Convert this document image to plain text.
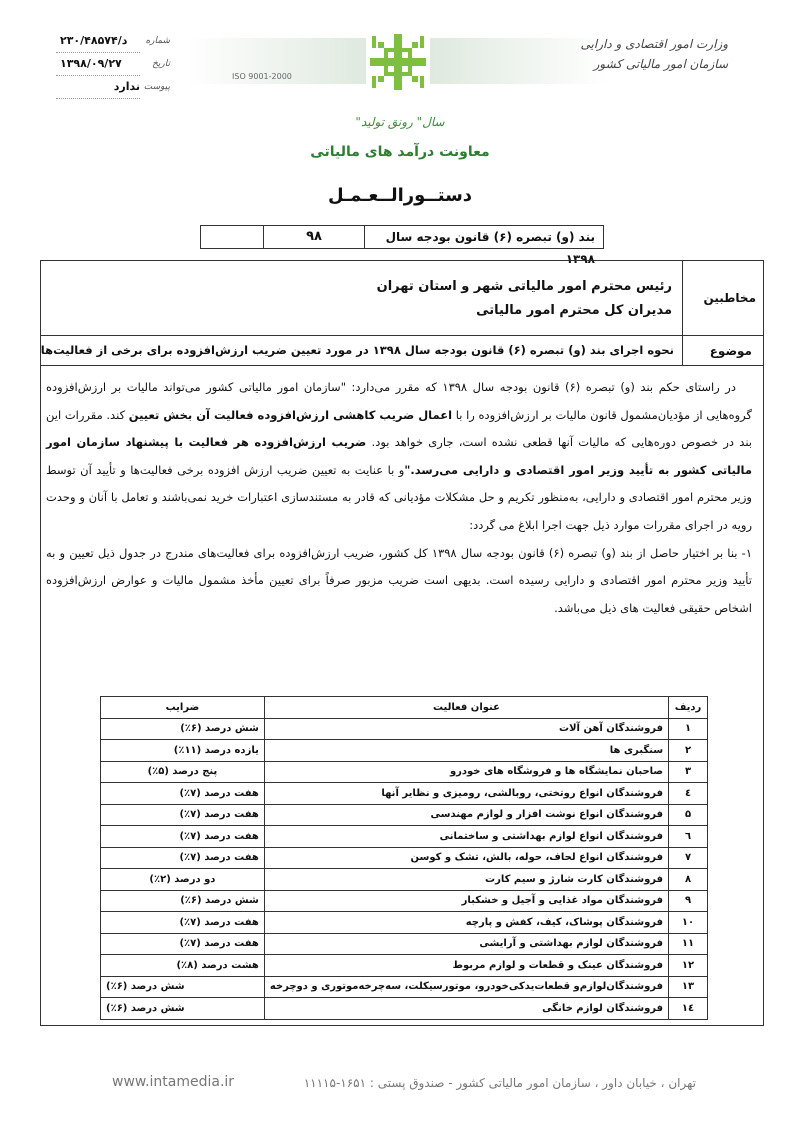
ISO 9001-2000
وزارت امور اقتصادی و دارایی
سازمان امور مالیاتی کشور
شماره
د/۲۳۰/۴۸۵۷۴
تاریخ
۱۳۹۸/۰۹/۲۷
پیوست
ندارد
سال" رونق تولید"
معاونت درآمد های مالیاتی
دستــورالــعـمـل
بند (و) تبصره (۶) قانون بودجه سال ۱۳۹۸
۹۸
مخاطبین
رئیس محترم امور مالیاتی شهر و استان تهران
مدیران کل محترم امور مالیاتی
موضوع
نحوه اجرای بند (و) تبصره (۶) قانون بودجه سال ۱۳۹۸ در مورد تعیین ضریب ارزش‌افزوده برای برخی از فعالیت‌ها

در راستای حکم بند (و) تبصره (۶) قانون بودجه سال ۱۳۹۸ که مقرر می‌دارد: "سازمان امور مالیاتی کشور می‌تواند مالیات بر ارزش‌افزوده گروه‌هایی از مؤدیان‌مشمول قانون مالیات بر ارزش‌افزوده را با اعمال ضریب کاهشی ارزش‌افزوده فعالیت آن بخش تعیین کند. مقررات این بند در خصوص دوره‌هایی که مالیات آنها قطعی نشده است، جاری خواهد بود. ضریب ارزش‌افزوده هر فعالیت با پیشنهاد سازمان امور مالیاتی کشور به تأیید وزیر امور اقتصادی و دارایی می‌رسد."و با عنایت به تعیین ضریب ارزش افزوده برخی فعالیت‌ها و تأیید آن توسط وزیر محترم امور اقتصادی و دارایی، به‌منظور تکریم و حل مشکلات مؤدیانی که قادر به مستندسازی اعتبارات خرید نمی‌باشند و تعامل با آنان و وحدت رویه در اجرای مقررات موارد ذیل جهت اجرا ابلاغ می گردد:

۱- بنا بر اختیار حاصل از بند (و) تبصره (۶) قانون بودجه سال ۱۳۹۸ کل کشور، ضریب ارزش‌افزوده برای فعالیت‌های مندرج در جدول ذیل تعیین و به تأیید وزیر محترم امور اقتصادی و دارایی رسیده است. بدیهی است ضریب مزبور صرفاً برای تعیین مأخذ مشمول مالیات و عوارض ارزش‌افزوده اشخاص حقیقی فعالیت های ذیل می‌باشد.

ردیف	عنوان فعالیت	ضرایب
۱	فروشندگان آهن آلات	شش درصد (۶٪)
۲	سنگبری ها	یازده درصد (۱۱٪)
۳	صاحبان نمایشگاه ها و فروشگاه های خودرو	پنج درصد (۵٪)
٤	فروشندگان انواع روتختی، روبالشی، رومیزی و نظایر آنها	هفت درصد (۷٪)
۵	فروشندگان انواع نوشت افزار و لوازم مهندسی	هفت درصد (۷٪)
٦	فروشندگان انواع لوازم بهداشتی و ساختمانی	هفت درصد (۷٪)
۷	فروشندگان انواع لحاف، حوله، بالش، تشک و کوسن	هفت درصد (۷٪)
۸	فروشندگان کارت شارژ و سیم کارت	دو درصد (۲٪)
۹	فروشندگان مواد غذایی و آجیل و خشکبار	شش درصد (۶٪)
۱۰	فروشندگان پوشاک، کیف، کفش و پارچه	هفت درصد (۷٪)
۱۱	فروشندگان لوازم بهداشتی و آرایشی	هفت درصد (۷٪)
۱۲	فروشندگان عینک و قطعات و لوازم مربوط	هشت درصد (۸٪)
۱۳	فروشندگان‌لوازم‌و قطعات‌یدکی‌خودرو، موتورسیکلت، سه‌چرخه‌موتوری و دوچرخه	شش درصد (۶٪)
۱٤	فروشندگان لوازم خانگی	شش درصد (۶٪)
تهران ، خیابان داور ، سازمان امور مالیاتی کشور - صندوق پستی : ۱۶۵۱-۱۱۱۱۵
www.intamedia.ir
